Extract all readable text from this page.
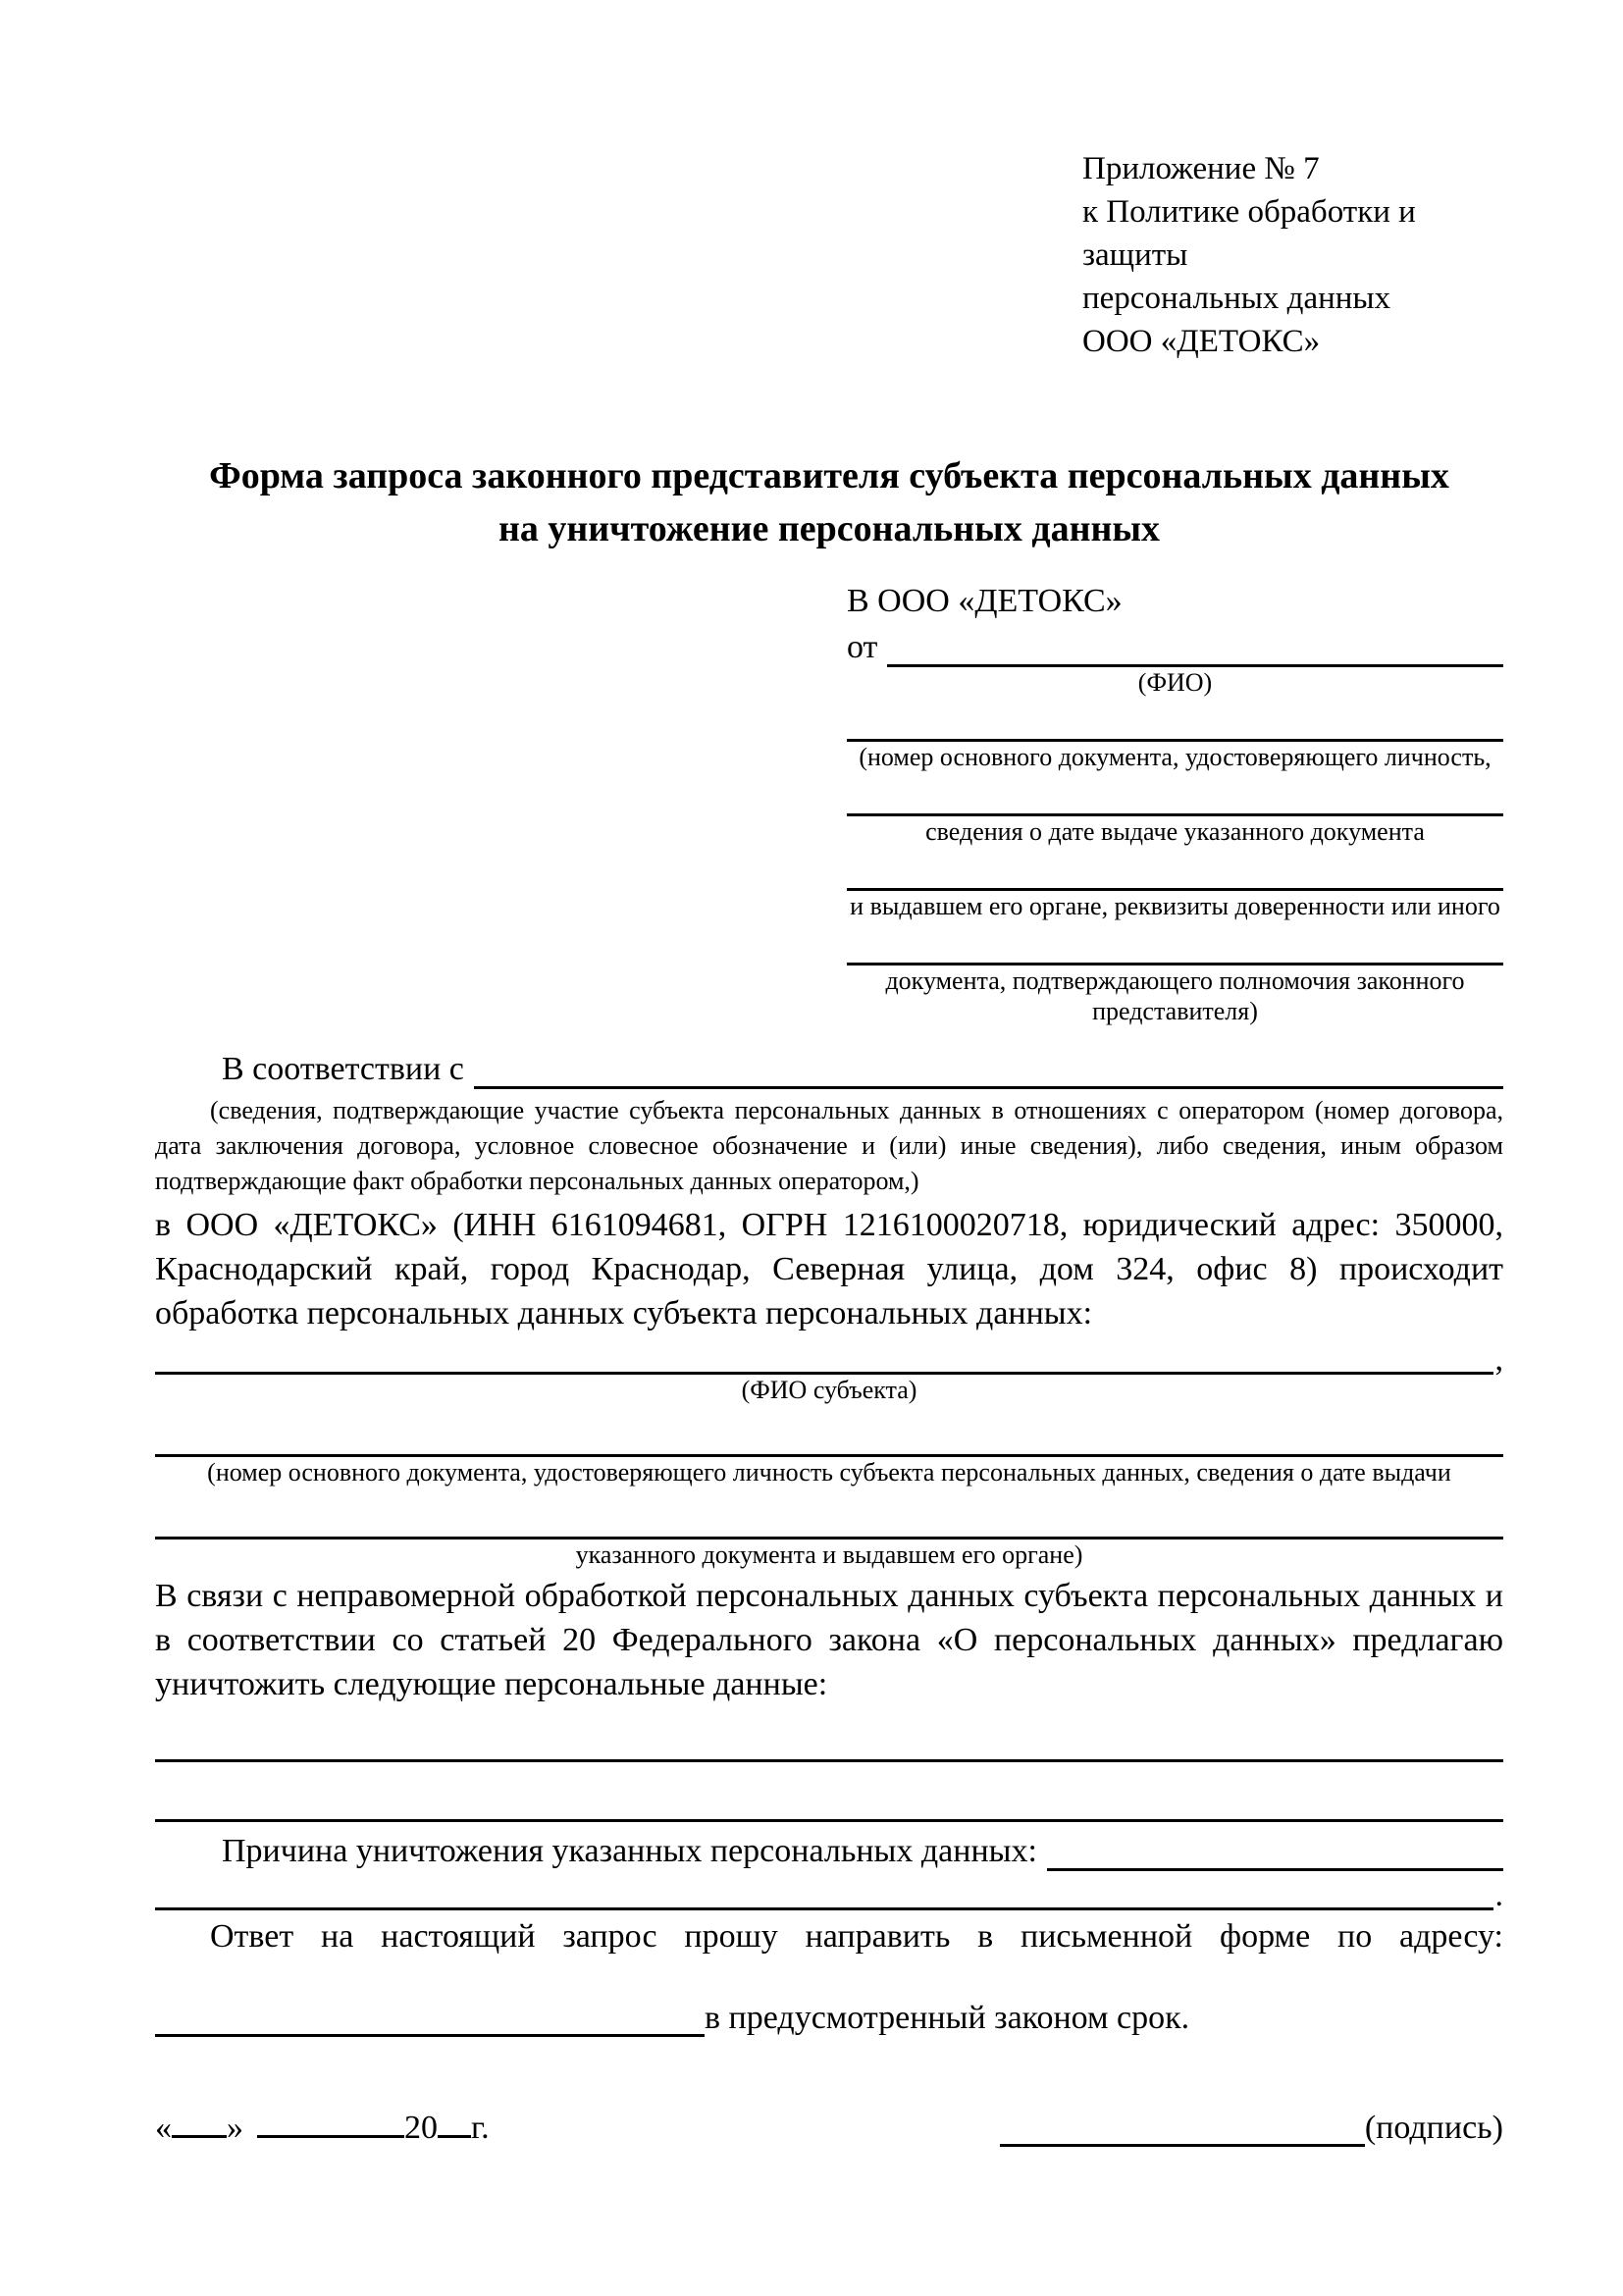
Приложение № 7
к Политике обработки и защиты
персональных данных
ООО «ДЕТОКС»
Форма запроса законного представителя субъекта персональных данных
на уничтожение персональных данных
В ООО «ДЕТОКС»
от
(ФИО)
(номер основного документа, удостоверяющего личность,
сведения о дате выдаче указанного документа
и выдавшем его органе, реквизиты доверенности или иного
документа, подтверждающего полномочия законного представителя)
В соответствии с

(сведения, подтверждающие участие субъекта персональных данных в отношениях с оператором (номер договора, дата заключения договора, условное словесное обозначение и (или) иные сведения), либо сведения, иным образом подтверждающие факт обработки персональных данных оператором,)

в ООО «ДЕТОКС» (ИНН 6161094681, ОГРН 1216100020718, юридический адрес: 350000, Краснодарский край, город Краснодар, Северная улица, дом 324, офис 8) происходит обработка персональных данных субъекта персональных данных:

,
(ФИО субъекта)
(номер основного документа, удостоверяющего личность субъекта персональных данных, сведения о дате выдачи
указанного документа и выдавшем его органе)

В связи с неправомерной обработкой персональных данных субъекта персональных данных и в соответствии со статьей 20 Федерального закона «О персональных данных» предлагаю уничтожить следующие персональные данные:

Причина уничтожения указанных персональных данных:
.

Ответ на настоящий запрос прошу направить в письменной форме по адресу:

в предусмотренный законом срок.
« »	20 г.	(подпись)
